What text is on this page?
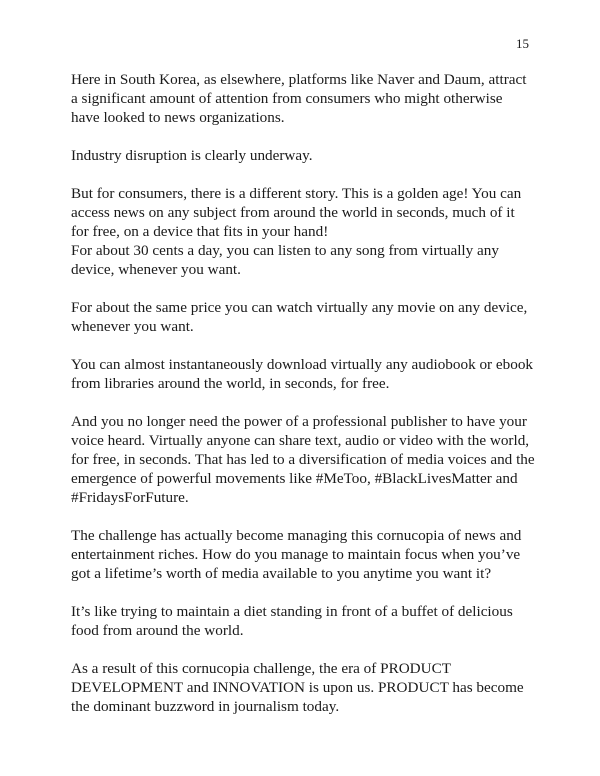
15

Here in South Korea, as elsewhere, platforms like Naver and Daum, attract
a significant amount of attention from consumers who might otherwise
have looked to news organizations.

Industry disruption is clearly underway.

But for consumers, there is a different story. This is a golden age! You can
access news on any subject from around the world in seconds, much of it
for free, on a device that fits in your hand!

For about 30 cents a day, you can listen to any song from virtually any
device, whenever you want.

For about the same price you can watch virtually any movie on any device,
whenever you want.

You can almost instantaneously download virtually any audiobook or ebook
from libraries around the world, in seconds, for free.

And you no longer need the power of a professional publisher to have your
voice heard. Virtually anyone can share text, audio or video with the world,
for free, in seconds. That has led to a diversification of media voices and the
emergence of powerful movements like #MeToo, #BlackLivesMatter and
#FridaysForFuture.

The challenge has actually become managing this cornucopia of news and
entertainment riches. How do you manage to maintain focus when you’ve
got a lifetime’s worth of media available to you anytime you want it?

It’s like trying to maintain a diet standing in front of a buffet of delicious
food from around the world.

As a result of this cornucopia challenge, the era of PRODUCT
DEVELOPMENT and INNOVATION is upon us. PRODUCT has become
the dominant buzzword in journalism today.
